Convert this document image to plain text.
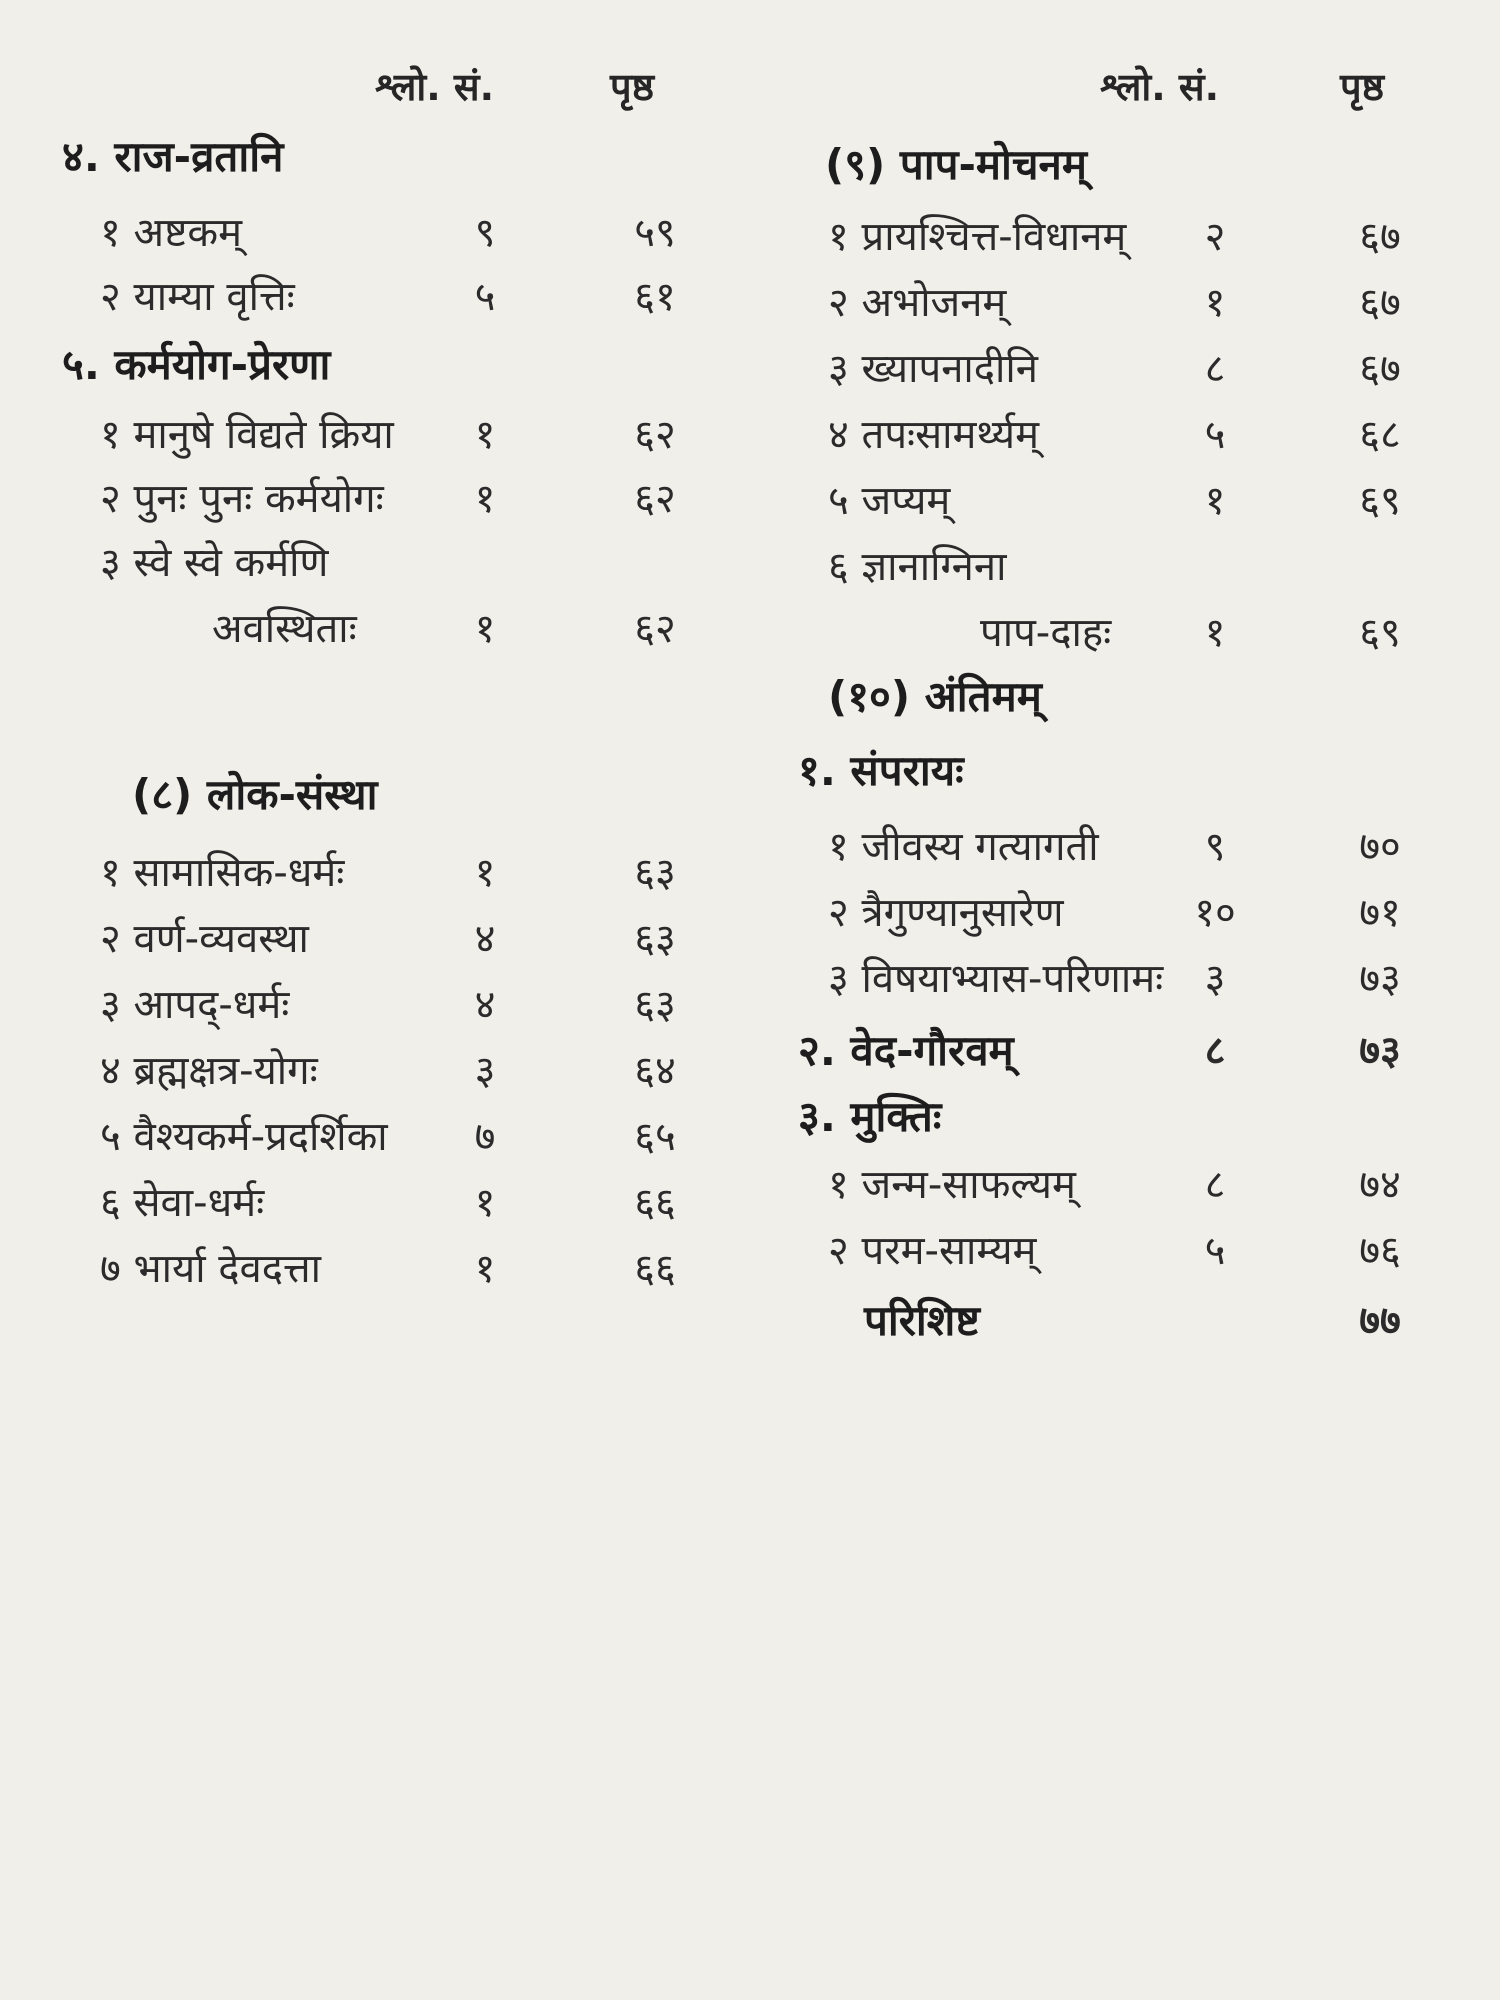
श्लो. सं.	पृष्ठ
४. राज-व्रतानि
१ अष्टकम्	९	५९
२ याम्या वृत्तिः	५	६१
५. कर्मयोग-प्रेरणा
१ मानुषे विद्यते क्रिया	१	६२
२ पुनः पुनः कर्मयोगः	१	६२
३ स्वे स्वे कर्मणि
अवस्थिताः	१	६२
(८) लोक-संस्था
१ सामासिक-धर्मः	१	६३
२ वर्ण-व्यवस्था	४	६३
३ आपद्-धर्मः	४	६३
४ ब्रह्मक्षत्र-योगः	३	६४
५ वैश्यकर्म-प्रदर्शिका	७	६५
६ सेवा-धर्मः	१	६६
७ भार्या देवदत्ता	१	६६
श्लो. सं.	पृष्ठ
(९) पाप-मोचनम्
१ प्रायश्चित्त-विधानम्	२	६७
२ अभोजनम्	१	६७
३ ख्यापनादीनि	८	६७
४ तपःसामर्थ्यम्	५	६८
५ जप्यम्	१	६९
६ ज्ञानाग्निना
पाप-दाहः	१	६९
(१०) अंतिमम्
१. संपरायः
१ जीवस्य गत्यागती	९	७०
२ त्रैगुण्यानुसारेण	१०	७१
३ विषयाभ्यास-परिणामः	३	७३
२. वेद-गौरवम्	८	७३
३. मुक्तिः
१ जन्म-साफल्यम्	८	७४
२ परम-साम्यम्	५	७६
परिशिष्ट	७७
